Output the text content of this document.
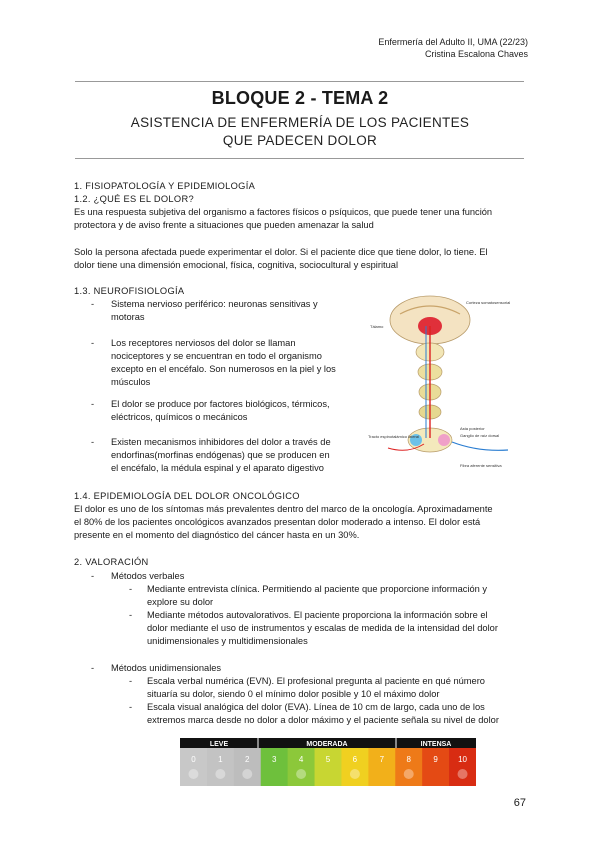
Enfermería del Adulto II, UMA (22/23)
Cristina Escalona Chaves
BLOQUE 2 - TEMA 2
ASISTENCIA DE ENFERMERÍA DE LOS PACIENTES
QUE PADECEN DOLOR
1. FISIOPATOLOGÍA Y EPIDEMIOLOGÍA
1.2. ¿QUÉ ES EL DOLOR?
Es una respuesta subjetiva del organismo a factores físicos o psíquicos, que puede tener una función
protectora y de aviso frente a situaciones que pueden amenazar la salud
Solo la persona afectada puede experimentar el dolor. Si el paciente dice que tiene dolor, lo tiene. El
dolor tiene una dimensión emocional, física, cognitiva, sociocultural y espiritual
1.3. NEUROFISIOLOGÍA
- Sistema nervioso periférico: neuronas sensitivas y
motoras
- Los receptores nerviosos del dolor se llaman
nociceptores y se encuentran en todo el organismo
excepto en el encéfalo. Son numerosos en la piel y los
músculos
- El dolor se produce por factores biológicos, térmicos,
eléctricos, químicos o mecánicos
- Existen mecanismos inhibidores del dolor a través de
endorfinas(morfinas endógenas) que se producen en
el encéfalo, la médula espinal y el aparato digestivo
Corteza somatosensorial
Tálamo
Asta posterior
Ganglio de raíz dorsal
Tracto espinotalámico lateral
Fibra aferente sensitiva
1.4. EPIDEMIOLOGÍA DEL DOLOR ONCOLÓGICO
El dolor es uno de los síntomas más prevalentes dentro del marco de la oncología. Aproximadamente
el 80% de los pacientes oncológicos avanzados presentan dolor moderado a intenso. El dolor está
presente en el momento del diagnóstico del cáncer hasta en un 30%.
2. VALORACIÓN
- Métodos verbales
- Mediante entrevista clínica. Permitiendo al paciente que proporcione información y
explore su dolor
- Mediante métodos autovalorativos. El paciente proporciona la información sobre el
dolor mediante el uso de instrumentos y escalas de medida de la intensidad del dolor
unidimensionales y multidimensionales
- Métodos unidimensionales
- Escala verbal numérica (EVN). El profesional pregunta al paciente en qué número
situaría su dolor, siendo 0 el mínimo dolor posible y 10 el máximo dolor
- Escala visual analógica del dolor (EVA). Línea de 10 cm de largo, cada uno de los
extremos marca desde no dolor a dolor máximo y el paciente señala su nivel de dolor
LEVE	MODERADA	INTENSA
0	1	2	3	4	5	6	7	8	9	10
67
